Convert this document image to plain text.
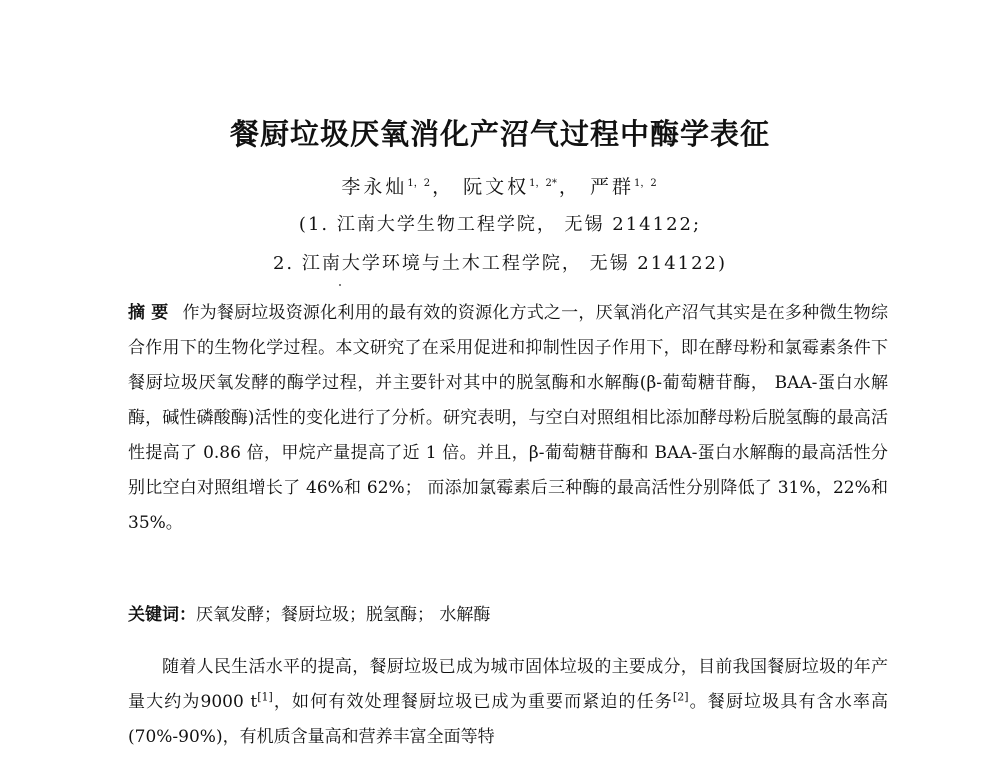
餐厨垃圾厌氧消化产沼气过程中酶学表征
李永灿$^{1,2}$ ， 阮文权$^{1,2*}$ ， 严群$^{1,2}$
(1. 江南大学生物工程学院， 无锡 214122;
2. 江南大学环境与土木工程学院， 无锡 214122)
摘要 作为餐厨垃圾资源化利用的最有效的资源化方式之一，厌氧消化产沼气其实是在多种微生物综合作用下的生物化学过程。本文研究了在采用促进和抑制性因子作用下，即在酵母粉和氯霉素条件下餐厨垃圾厌氧发酵的酶学过程，并主要针对其中的脱氢酶和水解酶(β-葡萄糖苷酶， BAA-蛋白水解酶，碱性磷酸酶)活性的变化进行了分析。研究表明，与空白对照组相比添加酵母粉后脱氢酶的最高活性提高了 0.86 倍，甲烷产量提高了近 1 倍。并且，β-葡萄糖苷酶和 BAA-蛋白水解酶的最高活性分别比空白对照组增长了 46%和 62%； 而添加氯霉素后三种酶的最高活性分别降低了 31%，22%和 35%。
关键词：厌氧发酵；餐厨垃圾；脱氢酶； 水解酶
随着人民生活水平的提高，餐厨垃圾已成为城市固体垃圾的主要成分，目前我国餐厨垃圾的年产量大约为9000 t[1]，如何有效处理餐厨垃圾已成为重要而紧迫的任务[2]。餐厨垃圾具有含水率高(70%-90%)，有机质含量高和营养丰富全面等特
